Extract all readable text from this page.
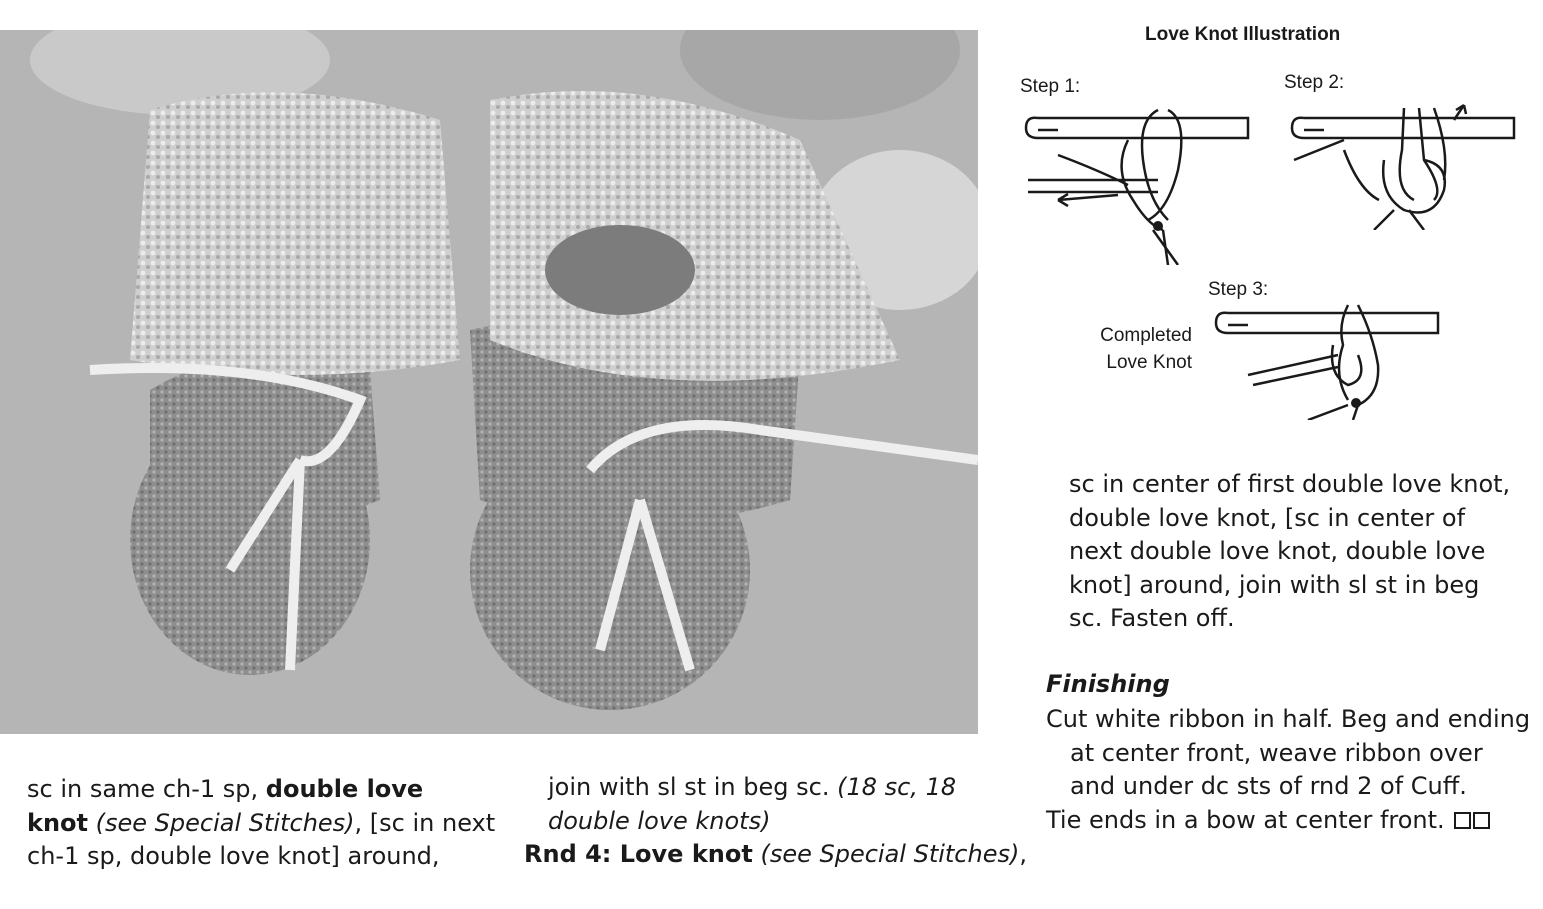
Love Knot Illustration
Step 1:	Step 2:
Step 3:
Completed
Love Knot
sc in same ch-1 sp, double love
knot (see Special Stitches), [sc in next
ch-1 sp, double love knot] around,
join with sl st in beg sc. (18 sc, 18
double love knots)
Rnd 4: Love knot (see Special Stitches),
sc in center of first double love knot,
double love knot, [sc in center of
next double love knot, double love
knot] around, join with sl st in beg
sc. Fasten off.
Finishing
Cut white ribbon in half. Beg and ending
at center front, weave ribbon over
and under dc sts of rnd 2 of Cuff.
Tie ends in a bow at center front.
